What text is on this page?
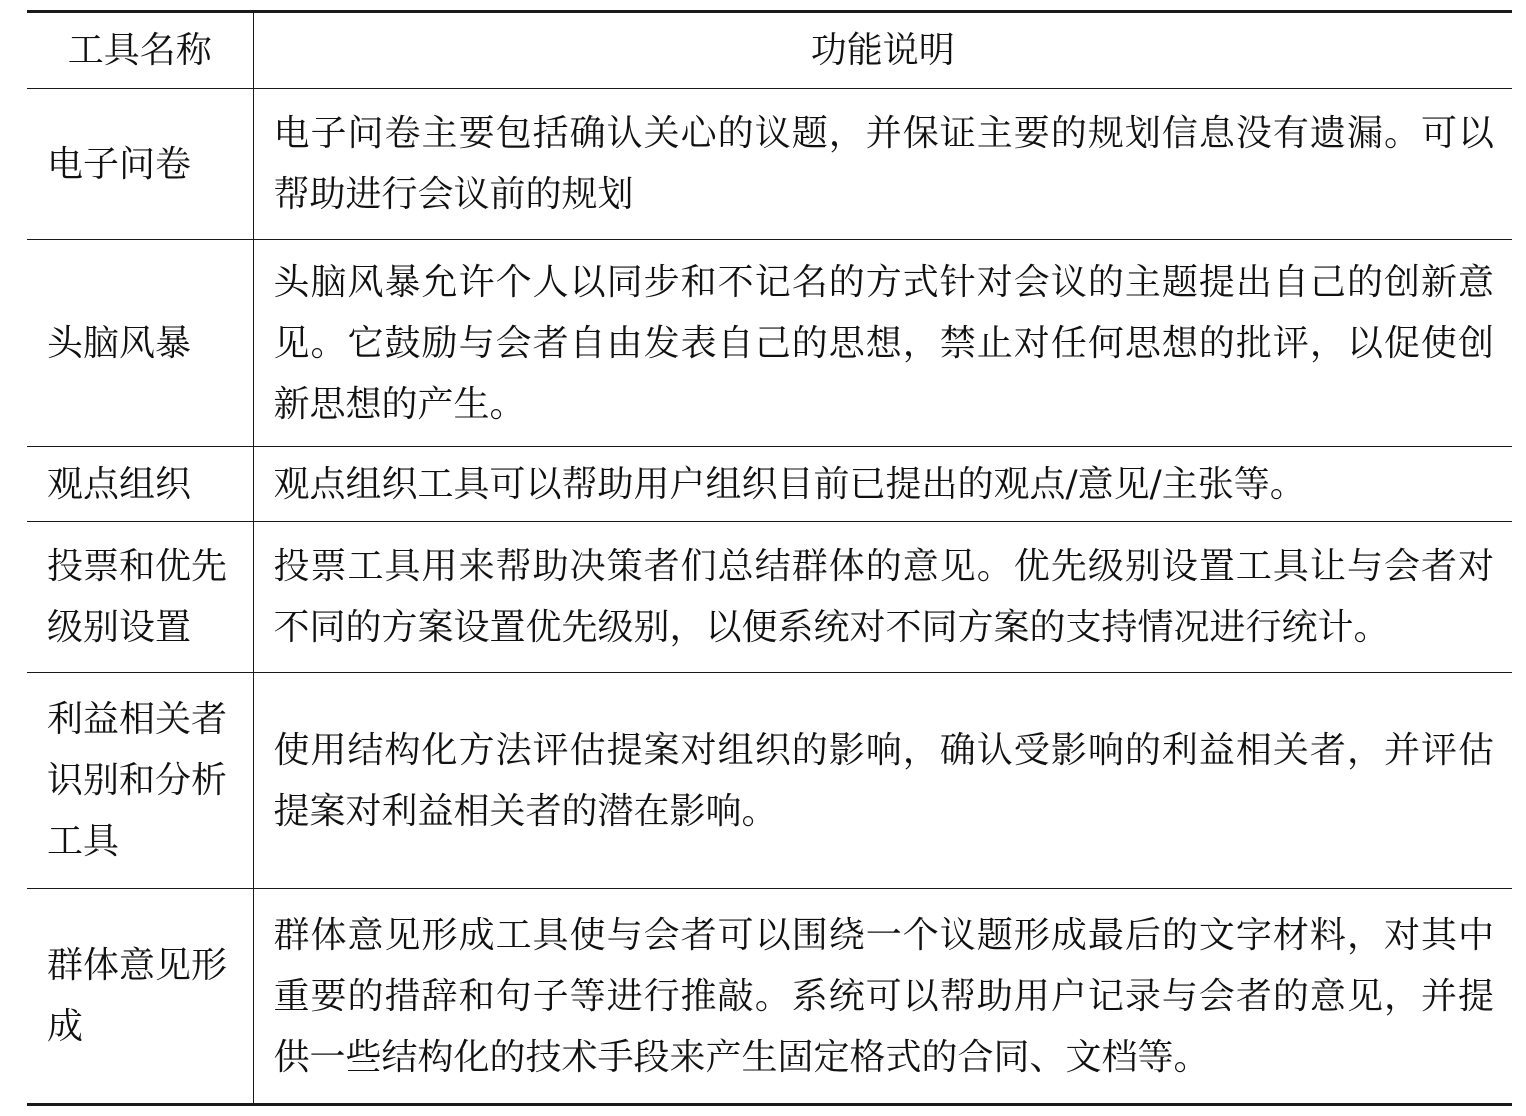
工具名称	功能说明
电子问卷	电子问卷主要包括确认关心的议题，并保证主要的规划信息没有遗漏。可以帮助进行会议前的规划
头脑风暴	头脑风暴允许个人以同步和不记名的方式针对会议的主题提出自己的创新意见。它鼓励与会者自由发表自己的思想，禁止对任何思想的批评，以促使创新思想的产生。
观点组织	观点组织工具可以帮助用户组织目前已提出的观点/意见/主张等。
投票和优先级别设置	投票工具用来帮助决策者们总结群体的意见。优先级别设置工具让与会者对不同的方案设置优先级别，以便系统对不同方案的支持情况进行统计。
利益相关者识别和分析工具	使用结构化方法评估提案对组织的影响，确认受影响的利益相关者，并评估提案对利益相关者的潜在影响。
群体意见形成	群体意见形成工具使与会者可以围绕一个议题形成最后的文字材料，对其中重要的措辞和句子等进行推敲。系统可以帮助用户记录与会者的意见，并提供一些结构化的技术手段来产生固定格式的合同、文档等。
